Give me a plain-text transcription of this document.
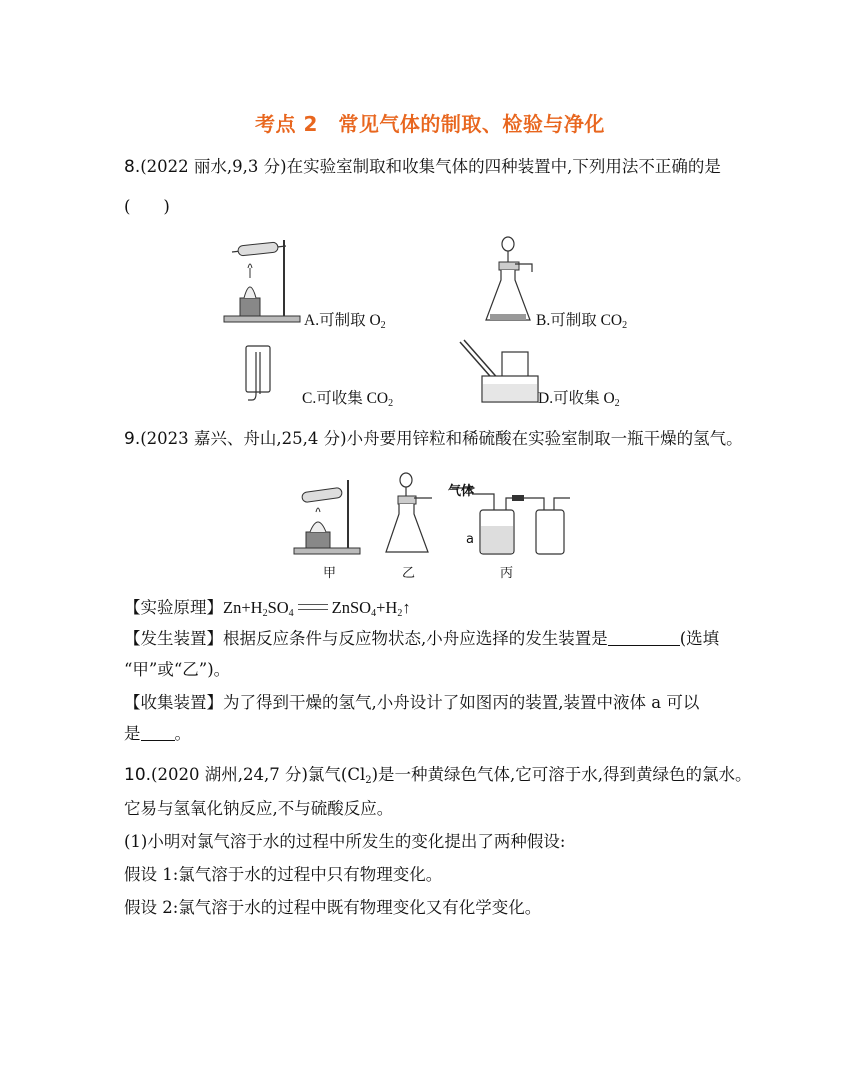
考点 2　常见气体的制取、检验与净化
8.(2022 丽水,9,3 分)在实验室制取和收集气体的四种装置中,下列用法不正确的是
(　　)
A.可制取 $O_2$	B.可制取 $CO_2$
C.可收集 $CO_2$	D.可收集 $O_2$
9.(2023 嘉兴、舟山,25,4 分)小舟要用锌粒和稀硫酸在实验室制取一瓶干燥的氢气。
甲	乙
气体
a
丙
【实验原理】$Zn+H_2SO_4$ $ZnSO_4+H_2↑$
【发生装置】根据反应条件与反应物状态,小舟应选择的发生装置是	(选填
“甲”或“乙”)。
【收集装置】为了得到干燥的氢气,小舟设计了如图丙的装置,装置中液体 a 可以
是 。
10.(2020 湖州,24,7 分)氯气$(Cl_2)$是一种黄绿色气体,它可溶于水,得到黄绿色的氯水。
它易与氢氧化钠反应,不与硫酸反应。
(1)小明对氯气溶于水的过程中所发生的变化提出了两种假设:
假设 1:氯气溶于水的过程中只有物理变化。
假设 2:氯气溶于水的过程中既有物理变化又有化学变化。
